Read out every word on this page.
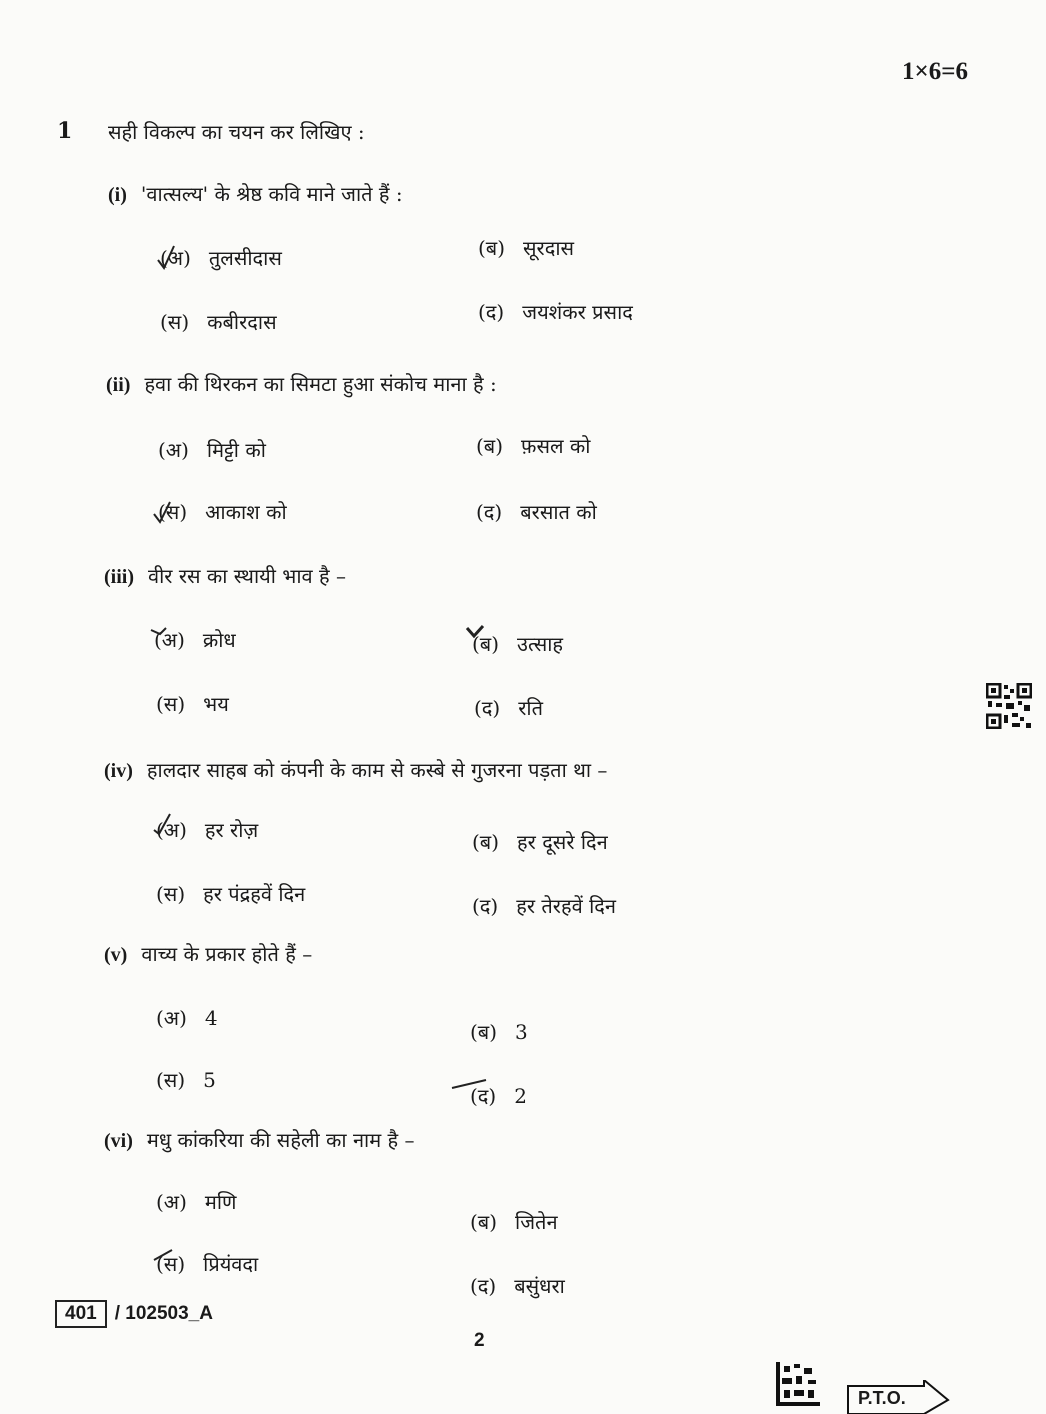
1×6=6
1 सही विकल्प का चयन कर लिखिए :
(i) 'वात्सल्य' के श्रेष्ठ कवि माने जाते हैं :
(अ) तुलसीदास	(ब) सूरदास
(स) कबीरदास	(द) जयशंकर प्रसाद
(ii) हवा की थिरकन का सिमटा हुआ संकोच माना है :
(अ) मिट्टी को	(ब) फ़सल को
(स) आकाश को	(द) बरसात को
(iii) वीर रस का स्थायी भाव है –
(अ) क्रोध	(ब) उत्साह
(स) भय	(द) रति
(iv) हालदार साहब को कंपनी के काम से कस्बे से गुजरना पड़ता था –
(अ) हर रोज़	(ब) हर दूसरे दिन
(स) हर पंद्रहवें दिन	(द) हर तेरहवें दिन
(v) वाच्य के प्रकार होते हैं –
(अ) 4
(ब) 3
(स) 5
(द) 2
(vi) मधु कांकरिया की सहेली का नाम है –
(अ) मणि
(ब) जितेन
(स) प्रियंवदा
(द) बसुंधरा
401 / 102503_A
2
P.T.O.
